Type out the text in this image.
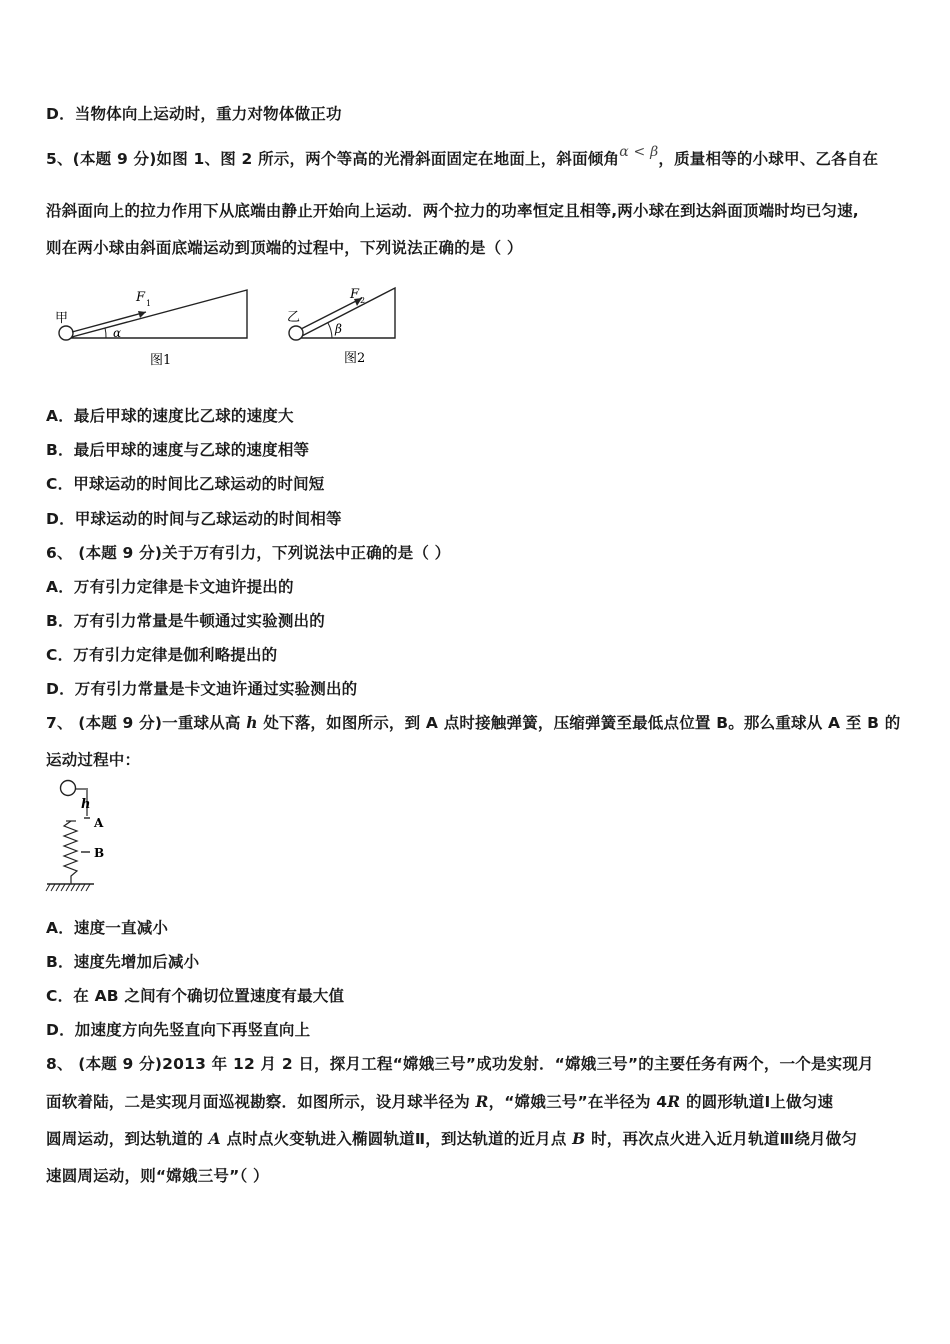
D．当物体向上运动时，重力对物体做正功
5、(本题 9 分)如图 1、图 2 所示，两个等高的光滑斜面固定在地面上，斜面倾角α < β，质量相等的小球甲、乙各自在
沿斜面向上的拉力作用下从底端由静止开始向上运动．两个拉力的功率恒定且相等,两小球在到达斜面顶端时均已匀速,
则在两小球由斜面底端运动到顶端的过程中，下列说法正确的是（ ）
甲
F 1
α
图1
乙
F 2
β
图2
A．最后甲球的速度比乙球的速度大
B．最后甲球的速度与乙球的速度相等
C．甲球运动的时间比乙球运动的时间短
D．甲球运动的时间与乙球运动的时间相等
6、 (本题 9 分)关于万有引力，下列说法中正确的是（ ）
A．万有引力定律是卡文迪许提出的
B．万有引力常量是牛顿通过实验测出的
C．万有引力定律是伽利略提出的
D．万有引力常量是卡文迪许通过实验测出的
7、 (本题 9 分)一重球从高 h 处下落，如图所示，到 A 点时接触弹簧，压缩弹簧至最低点位置 B。那么重球从 A 至 B 的
运动过程中：
h
A
B
A．速度一直减小
B．速度先增加后减小
C．在 AB 之间有个确切位置速度有最大值
D．加速度方向先竖直向下再竖直向上
8、 (本题 9 分)2013 年 12 月 2 日，探月工程“嫦娥三号”成功发射．“嫦娥三号”的主要任务有两个，一个是实现月
面软着陆，二是实现月面巡视勘察．如图所示，设月球半径为 R，“嫦娥三号”在半径为 4R 的圆形轨道Ⅰ上做匀速
圆周运动，到达轨道的 A 点时点火变轨进入椭圆轨道Ⅱ，到达轨道的近月点 B 时，再次点火进入近月轨道Ⅲ绕月做匀
速圆周运动，则“嫦娥三号”（ ）
